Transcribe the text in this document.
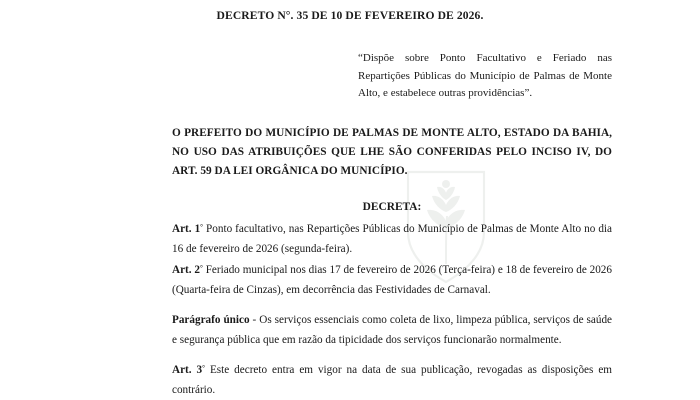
DECRETO N°. 35 DE 10 DE FEVEREIRO DE 2026.
“Dispõe sobre Ponto Facultativo e Feriado nas Repartições Públicas do Município de Palmas de Monte Alto, e estabelece outras providências”.
O PREFEITO DO MUNICÍPIO DE PALMAS DE MONTE ALTO, ESTADO DA BAHIA, NO USO DAS ATRIBUIÇÕES QUE LHE SÃO CONFERIDAS PELO INCISO IV, DO ART. 59 DA LEI ORGÂNICA DO MUNICÍPIO.
DECRETA:
Art. 1° Ponto facultativo, nas Repartições Públicas do Município de Palmas de Monte Alto no dia 16 de fevereiro de 2026 (segunda-feira).
Art. 2° Feriado municipal nos dias 17 de fevereiro de 2026 (Terça-feira) e 18 de fevereiro de 2026 (Quarta-feira de Cinzas), em decorrência das Festividades de Carnaval.
Parágrafo único - Os serviços essenciais como coleta de lixo, limpeza pública, serviços de saúde e segurança pública que em razão da tipicidade dos serviços funcionarão normalmente.
Art. 3° Este decreto entra em vigor na data de sua publicação, revogadas as disposições em contrário.
